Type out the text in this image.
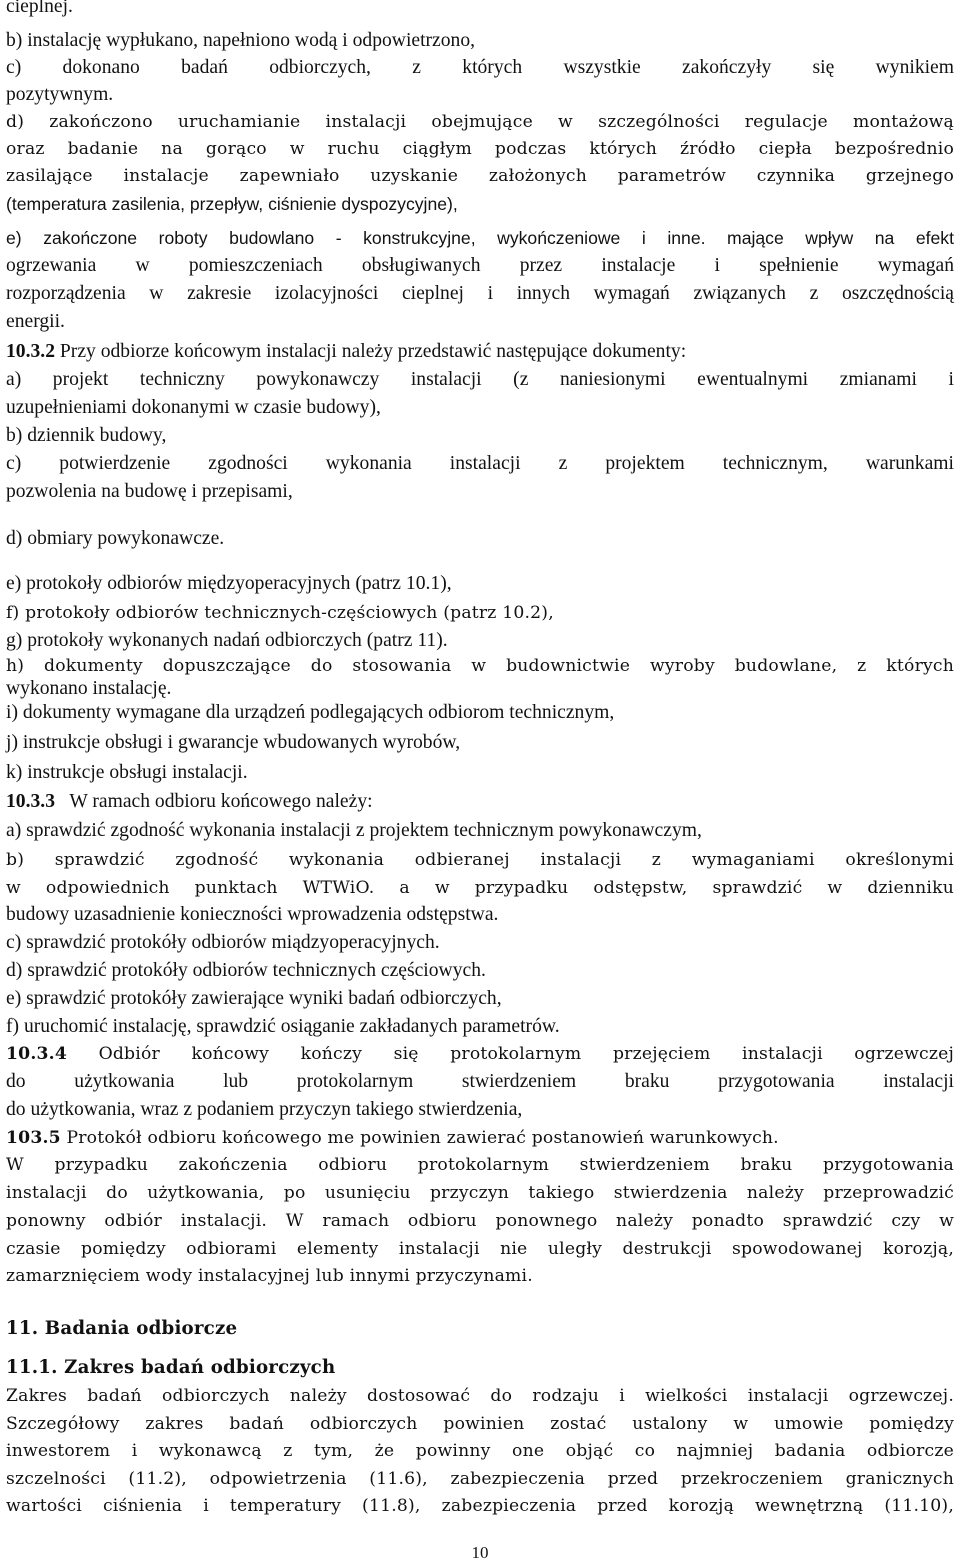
cieplnej.
b) instalację wypłukano, napełniono wodą i odpowietrzono,
c) dokonano badań odbiorczych, z których wszystkie zakończyły się wynikiem
pozytywnym.
d) zakończono uruchamianie instalacji obejmujące w szczególności regulacje montażową
oraz badanie na gorąco w ruchu ciągłym podczas których źródło ciepła bezpośrednio
zasilające instalacje zapewniało uzyskanie założonych parametrów czynnika grzejnego
(temperatura zasilenia, przepływ, ciśnienie dyspozycyjne),
e) zakończone roboty budowlano - konstrukcyjne, wykończeniowe i inne. mające wpływ na efekt
ogrzewania w pomieszczeniach obsługiwanych przez instalacje i spełnienie wymagań
rozporządzenia w zakresie izolacyjności cieplnej i innych wymagań związanych z oszczędnością
energii.
10.3.2 Przy odbiorze końcowym instalacji należy przedstawić następujące dokumenty:
a) projekt techniczny powykonawczy instalacji (z naniesionymi ewentualnymi zmianami i
uzupełnieniami dokonanymi w czasie budowy),
b) dziennik budowy,
c) potwierdzenie zgodności wykonania instalacji z projektem technicznym, warunkami
pozwolenia na budowę i przepisami,
d) obmiary powykonawcze.
e) protokoły odbiorów międzyoperacyjnych (patrz 10.1),
f) protokoły odbiorów technicznych-częściowych (patrz 10.2),
g) protokoły wykonanych nadań odbiorczych (patrz 11).
h) dokumenty dopuszczające do stosowania w budownictwie wyroby budowlane, z których
wykonano instalację.
i) dokumenty wymagane dla urządzeń podlegających odbiorom technicznym,
j) instrukcje obsługi i gwarancje wbudowanych wyrobów,
k) instrukcje obsługi instalacji.
10.3.3 W ramach odbioru końcowego należy:
a) sprawdzić zgodność wykonania instalacji z projektem technicznym powykonawczym,
b) sprawdzić zgodność wykonania odbieranej instalacji z wymaganiami określonymi
w odpowiednich punktach WTWiO. a w przypadku odstępstw, sprawdzić w dzienniku
budowy uzasadnienie konieczności wprowadzenia odstępstwa.
c) sprawdzić protokóły odbiorów miądzyoperacyjnych.
d) sprawdzić protokóły odbiorów technicznych częściowych.
e) sprawdzić protokóły zawierające wyniki badań odbiorczych,
f) uruchomić instalację, sprawdzić osiąganie zakładanych parametrów.
10.3.4 Odbiór końcowy kończy się protokolarnym przejęciem instalacji ogrzewczej
do użytkowania lub protokolarnym stwierdzeniem braku przygotowania instalacji
do użytkowania, wraz z podaniem przyczyn takiego stwierdzenia,
103.5 Protokół odbioru końcowego me powinien zawierać postanowień warunkowych.
W przypadku zakończenia odbioru protokolarnym stwierdzeniem braku przygotowania
instalacji do użytkowania, po usunięciu przyczyn takiego stwierdzenia należy przeprowadzić
ponowny odbiór instalacji. W ramach odbioru ponownego należy ponadto sprawdzić czy w
czasie pomiędzy odbiorami elementy instalacji nie uległy destrukcji spowodowanej korozją,
zamarznięciem wody instalacyjnej lub innymi przyczynami.
11. Badania odbiorcze
11.1. Zakres badań odbiorczych
Zakres badań odbiorczych należy dostosować do rodzaju i wielkości instalacji ogrzewczej.
Szczegółowy zakres badań odbiorczych powinien zostać ustalony w umowie pomiędzy
inwestorem i wykonawcą z tym, że powinny one objąć co najmniej badania odbiorcze
szczelności (11.2), odpowietrzenia (11.6), zabezpieczenia przed przekroczeniem granicznych
wartości ciśnienia i temperatury (11.8), zabezpieczenia przed korozją wewnętrzną (11.10),
10
